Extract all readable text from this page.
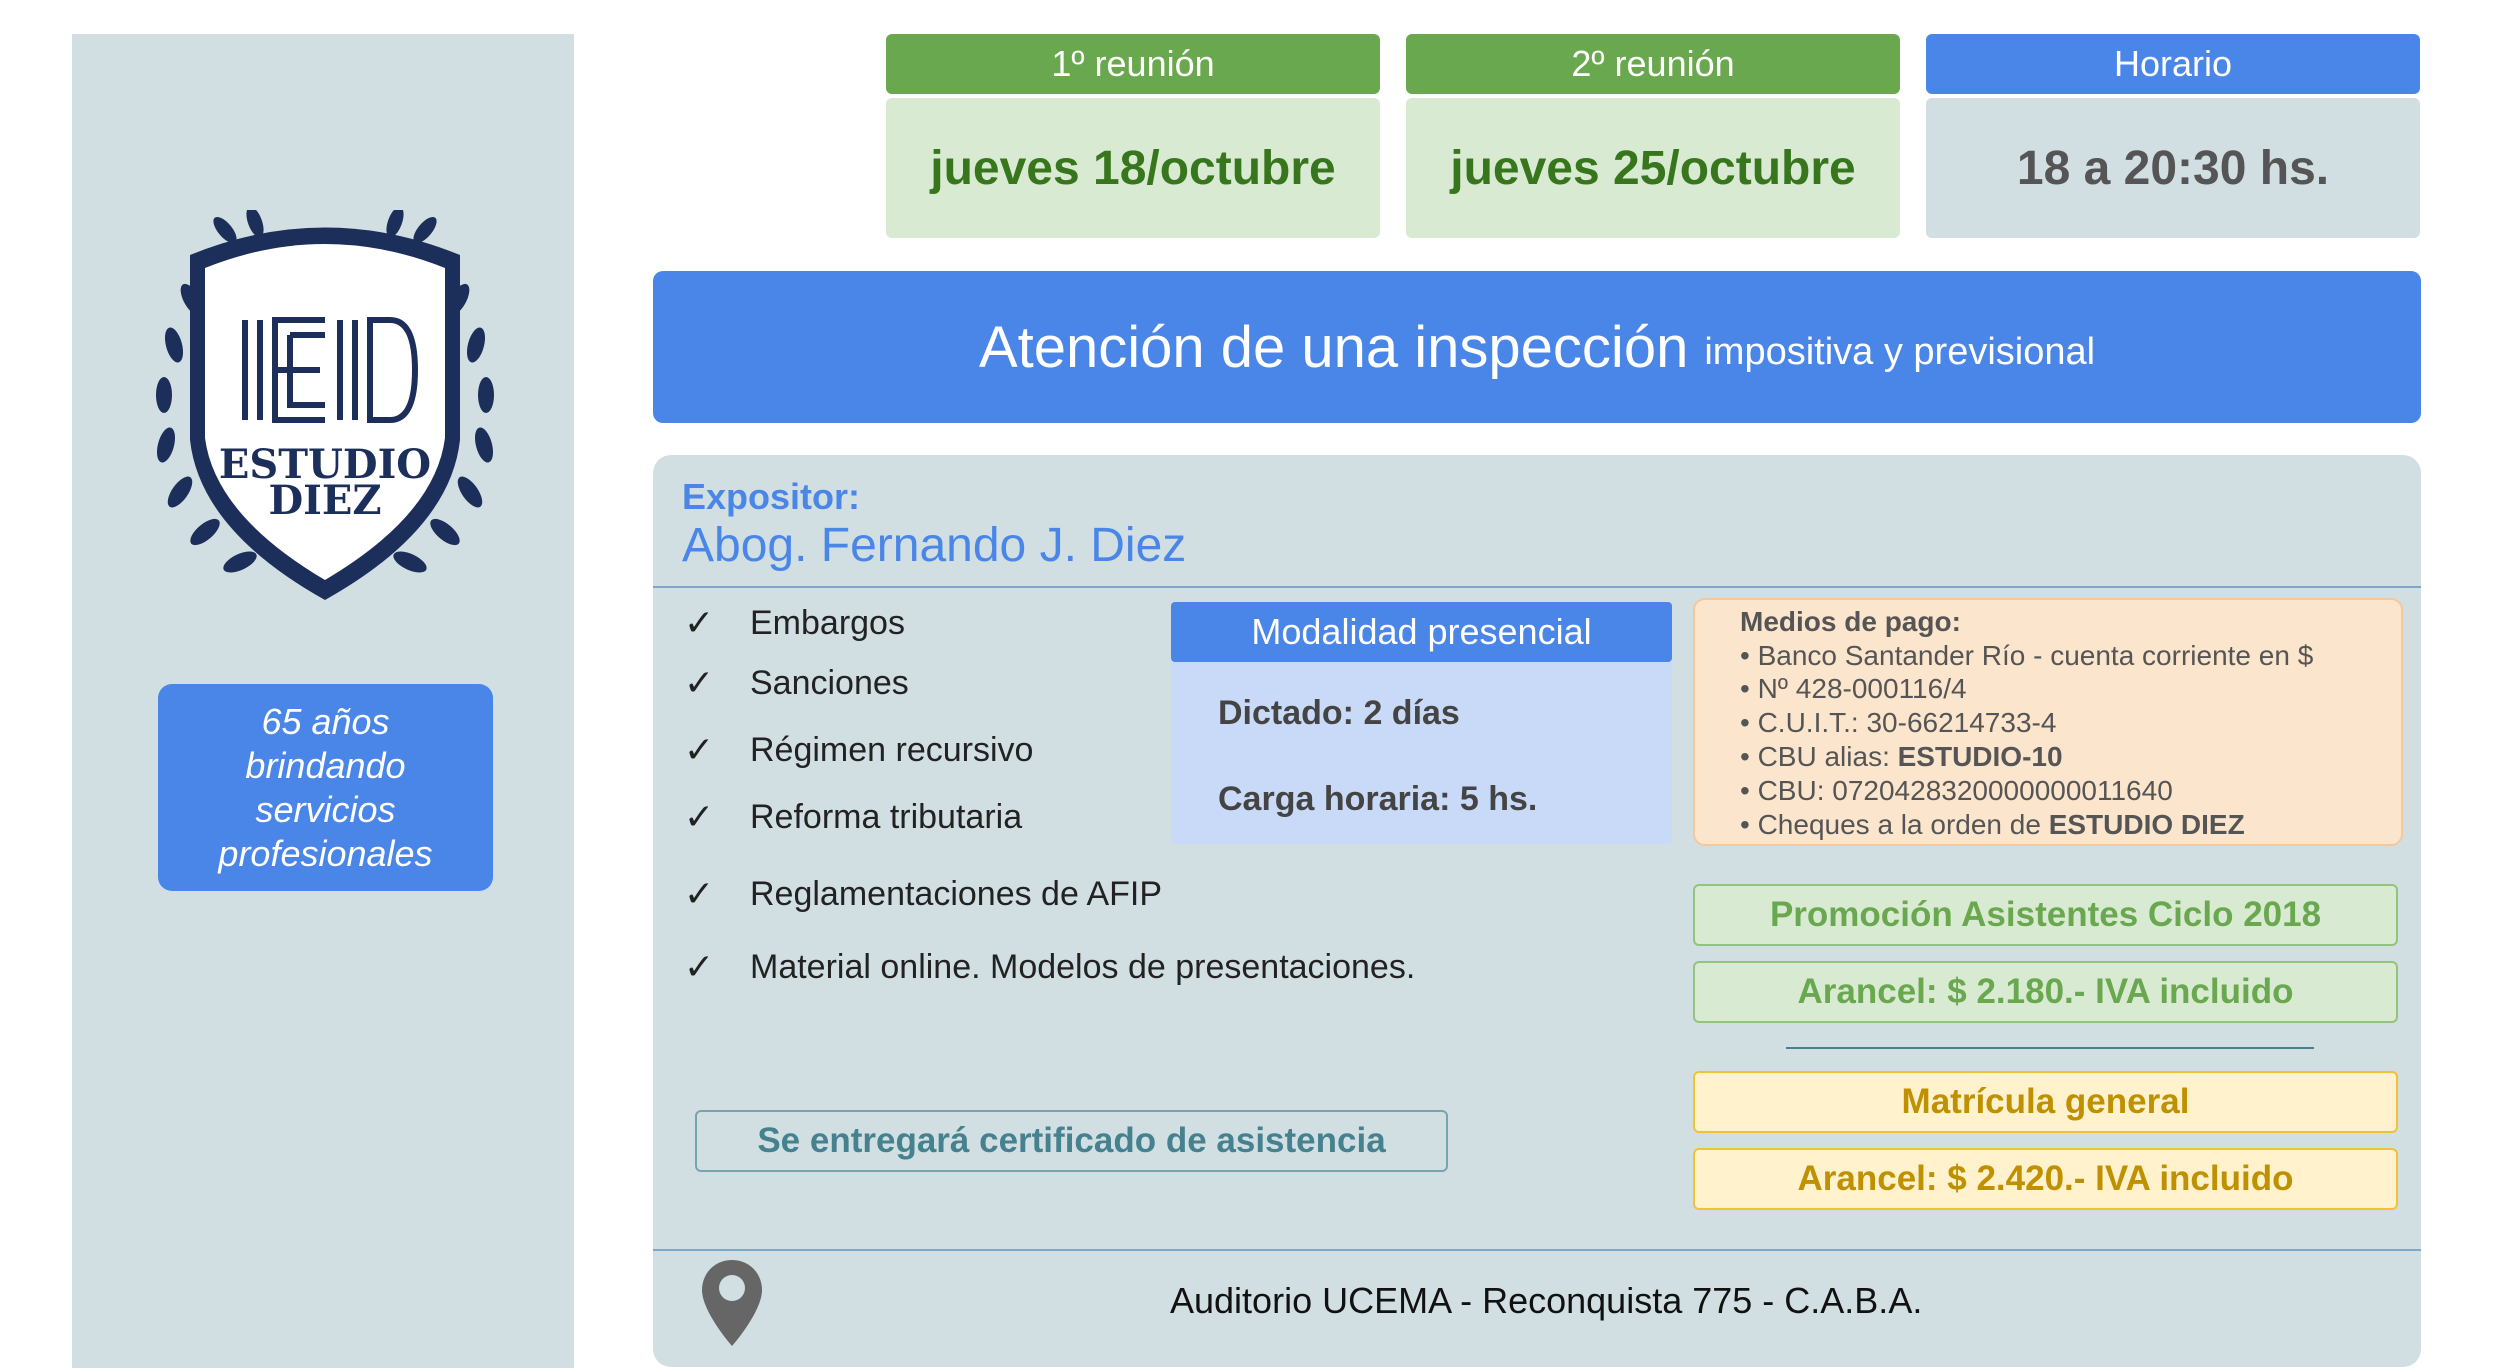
ESTUDIO
DIEZ
65 años brindando servicios profesionales
1º reunión
jueves 18/octubre
2º reunión
jueves 25/octubre
Horario
18 a 20:30 hs.
Atención de una inspección impositiva y previsional
Expositor:
Abog. Fernando J. Diez
✓	Embargos
✓	Sanciones
✓	Régimen recursivo
✓	Reforma tributaria
✓	Reglamentaciones de AFIP
✓	Material online. Modelos de presentaciones.
Modalidad presencial
Dictado: 2 días
Carga horaria: 5 hs.
Medios de pago:
• Banco Santander Río - cuenta corriente en $
• Nº 428-000116/4
• C.U.I.T.: 30-66214733-4
• CBU alias: ESTUDIO-10
• CBU: 0720428320000000011640
• Cheques a la orden de ESTUDIO DIEZ
Promoción Asistentes Ciclo 2018
Arancel: $ 2.180.- IVA incluido
Matrícula general
Arancel: $ 2.420.- IVA incluido
Se entregará certificado de asistencia
Auditorio UCEMA - Reconquista 775 - C.A.B.A.
